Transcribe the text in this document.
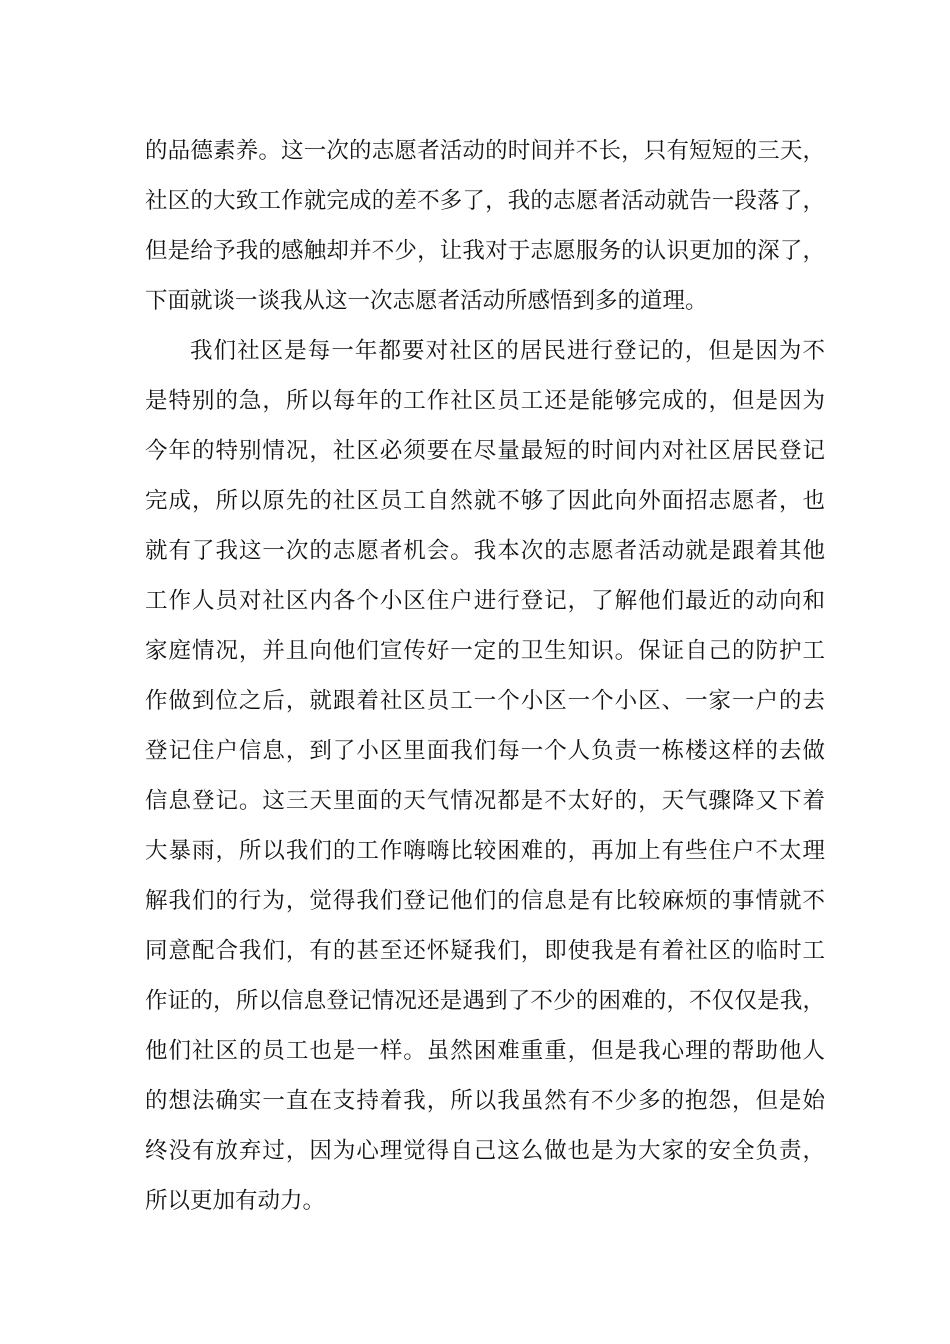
的品德素养。这一次的志愿者活动的时间并不长，只有短短的三天，
社区的大致工作就完成的差不多了，我的志愿者活动就告一段落了，
但是给予我的感触却并不少，让我对于志愿服务的认识更加的深了，
下面就谈一谈我从这一次志愿者活动所感悟到多的道理。
我们社区是每一年都要对社区的居民进行登记的，但是因为不
是特别的急，所以每年的工作社区员工还是能够完成的，但是因为
今年的特别情况，社区必须要在尽量最短的时间内对社区居民登记
完成，所以原先的社区员工自然就不够了因此向外面招志愿者，也
就有了我这一次的志愿者机会。我本次的志愿者活动就是跟着其他
工作人员对社区内各个小区住户进行登记，了解他们最近的动向和
家庭情况，并且向他们宣传好一定的卫生知识。保证自己的防护工
作做到位之后，就跟着社区员工一个小区一个小区、一家一户的去
登记住户信息，到了小区里面我们每一个人负责一栋楼这样的去做
信息登记。这三天里面的天气情况都是不太好的，天气骤降又下着
大暴雨，所以我们的工作嗨嗨比较困难的，再加上有些住户不太理
解我们的行为，觉得我们登记他们的信息是有比较麻烦的事情就不
同意配合我们，有的甚至还怀疑我们，即使我是有着社区的临时工
作证的，所以信息登记情况还是遇到了不少的困难的，不仅仅是我，
他们社区的员工也是一样。虽然困难重重，但是我心理的帮助他人
的想法确实一直在支持着我，所以我虽然有不少多的抱怨，但是始
终没有放弃过，因为心理觉得自己这么做也是为大家的安全负责，
所以更加有动力。
